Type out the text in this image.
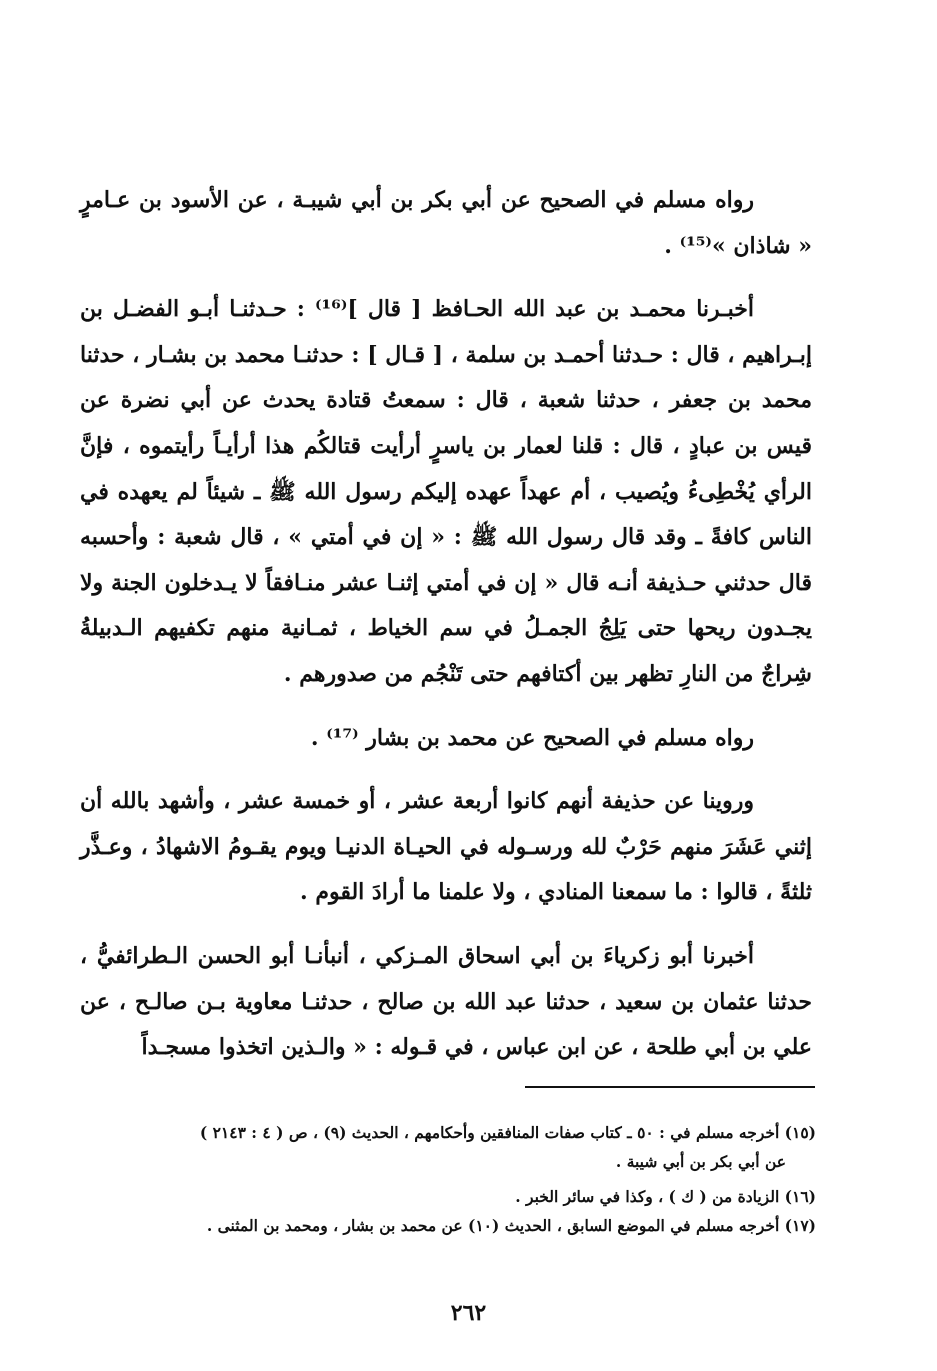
رواه مسلم في الصحيح عن أبي بكر بن أبي شيبـة ، عن الأسود بن عـامرٍ « شاذان »⁽¹⁵⁾ .

أخبـرنا محمـد بن عبد الله الحـافظ [ قال ]⁽¹⁶⁾ : حـدثنـا أبـو الفضـل بن إبـراهيم ، قال : حـدثنا أحمـد بن سلمة ، [ قـال ] : حدثنـا محمد بن بشـار ، حدثنا محمد بن جعفر ، حدثنا شعبة ، قال : سمعتُ قتادة يحدث عن أبي نضرة عن قيس بن عبادٍ ، قال : قلنا لعمار بن ياسرٍ أرأيت قتالكُم هذا أرأيـاً رأيتموه ، فإنَّ الرأي يُخْطِىءُ ويُصيب ، أم عهداً عهده إليكم رسول الله ﷺ ـ شيئاً لم يعهده في الناس كافةً ـ وقد قال رسول الله ﷺ : « إن في أمتي » ، قال شعبة : وأحسبه قال حدثني حـذيفة أنـه قال « إن في أمتي إثنـا عشر منـافقاً لا يـدخلون الجنة ولا يجـدون ريحها حتى يَلِجُ الجمـلُ في سم الخياط ، ثمـانية منهم تكفيهم الـدبيلةُ شِراجٌ من النارِ تظهر بين أكتافهم حتى تَنْجُم من صدورهم .

رواه مسلم في الصحيح عن محمد بن بشار ⁽¹⁷⁾ .

وروينا عن حذيفة أنهم كانوا أربعة عشر ، أو خمسة عشر ، وأشهد بالله أن إثني عَشَرَ منهم حَرْبٌ لله ورسـوله في الحيـاة الدنيـا ويوم يقـومُ الاشهادُ ، وعـذَّر ثلثةً ، قالوا : ما سمعنا المنادي ، ولا علمنا ما أرادَ القوم .

أخبرنا أبو زكرياءَ بن أبي اسحاق المـزكي ، أنبأنـا أبو الحسن الـطرائفيُّ ، حدثنا عثمان بن سعيد ، حدثنا عبد الله بن صالح ، حدثنـا معاوية بـن صالـح ، عن علي بن أبي طلحة ، عن ابن عباس ، في قـوله : « والـذين اتخذوا مسجـداً

(١٥) أخرجه مسلم في : ٥٠ ـ كتاب صفات المنافقين وأحكامهم ، الحديث (٩) ، ص ( ٤ : ٢١٤٣ )

عن أبي بكر بن أبي شيبة .

(١٦) الزيادة من ( ك ) ، وكذا في سائر الخبر .

(١٧) أخرجه مسلم في الموضع السابق ، الحديث (١٠) عن محمد بن بشار ، ومحمد بن المثنى .

٢٦٢
